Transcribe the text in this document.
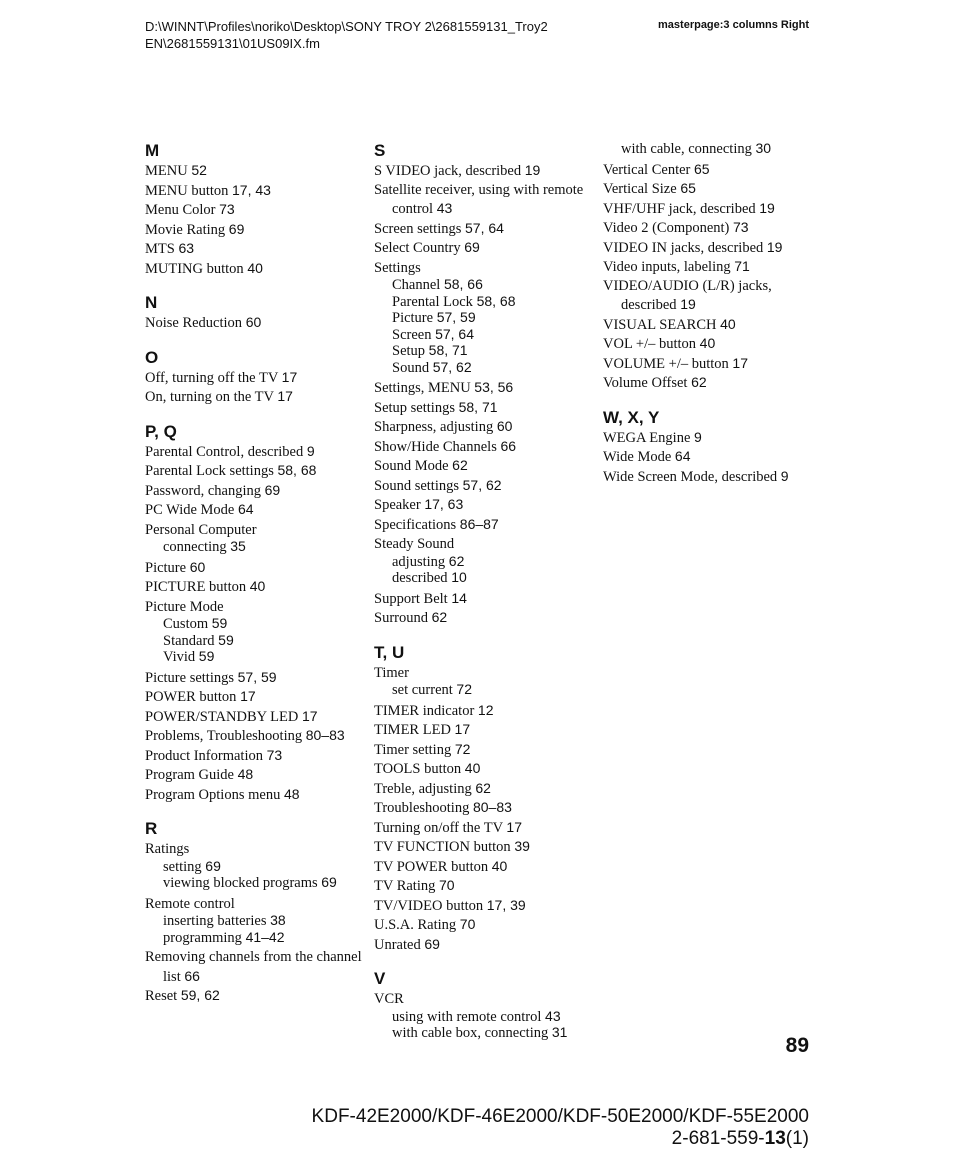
D:\WINNT\Profiles\noriko\Desktop\SONY TROY 2\2681559131_Troy2
EN\2681559131\01US09IX.fm
masterpage:3 columns Right
M
MENU 52
MENU button 17, 43
Menu Color 73
Movie Rating 69
MTS 63
MUTING button 40
N
Noise Reduction 60
O
Off, turning off the TV 17
On, turning on the TV 17
P, Q
Parental Control, described 9
Parental Lock settings 58, 68
Password, changing 69
PC Wide Mode 64
Personal Computer
connecting 35
Picture 60
PICTURE button 40
Picture Mode
Custom 59
Standard 59
Vivid 59
Picture settings 57, 59
POWER button 17
POWER/STANDBY LED 17
Problems, Troubleshooting 80–83
Product Information 73
Program Guide 48
Program Options menu 48
R
Ratings
setting 69
viewing blocked programs 69
Remote control
inserting batteries 38
programming 41–42
Removing channels from the channel list 66
Reset 59, 62
S
S VIDEO jack, described 19
Satellite receiver, using with remote control 43
Screen settings 57, 64
Select Country 69
Settings
Channel 58, 66
Parental Lock 58, 68
Picture 57, 59
Screen 57, 64
Setup 58, 71
Sound 57, 62
Settings, MENU 53, 56
Setup settings 58, 71
Sharpness, adjusting 60
Show/Hide Channels 66
Sound Mode 62
Sound settings 57, 62
Speaker 17, 63
Specifications 86–87
Steady Sound
adjusting 62
described 10
Support Belt 14
Surround 62
T, U
Timer
set current 72
TIMER indicator 12
TIMER LED 17
Timer setting 72
TOOLS button 40
Treble, adjusting 62
Troubleshooting 80–83
Turning on/off the TV 17
TV FUNCTION button 39
TV POWER button 40
TV Rating 70
TV/VIDEO button 17, 39
U.S.A. Rating 70
Unrated 69
V
VCR
using with remote control 43
with cable box, connecting 31
with cable, connecting 30
Vertical Center 65
Vertical Size 65
VHF/UHF jack, described 19
Video 2 (Component) 73
VIDEO IN jacks, described 19
Video inputs, labeling 71
VIDEO/AUDIO (L/R) jacks, described 19
VISUAL SEARCH 40
VOL +/– button 40
VOLUME +/– button 17
Volume Offset 62
W, X, Y
WEGA Engine 9
Wide Mode 64
Wide Screen Mode, described 9
89
KDF-42E2000/KDF-46E2000/KDF-50E2000/KDF-55E2000
2-681-559-13(1)
